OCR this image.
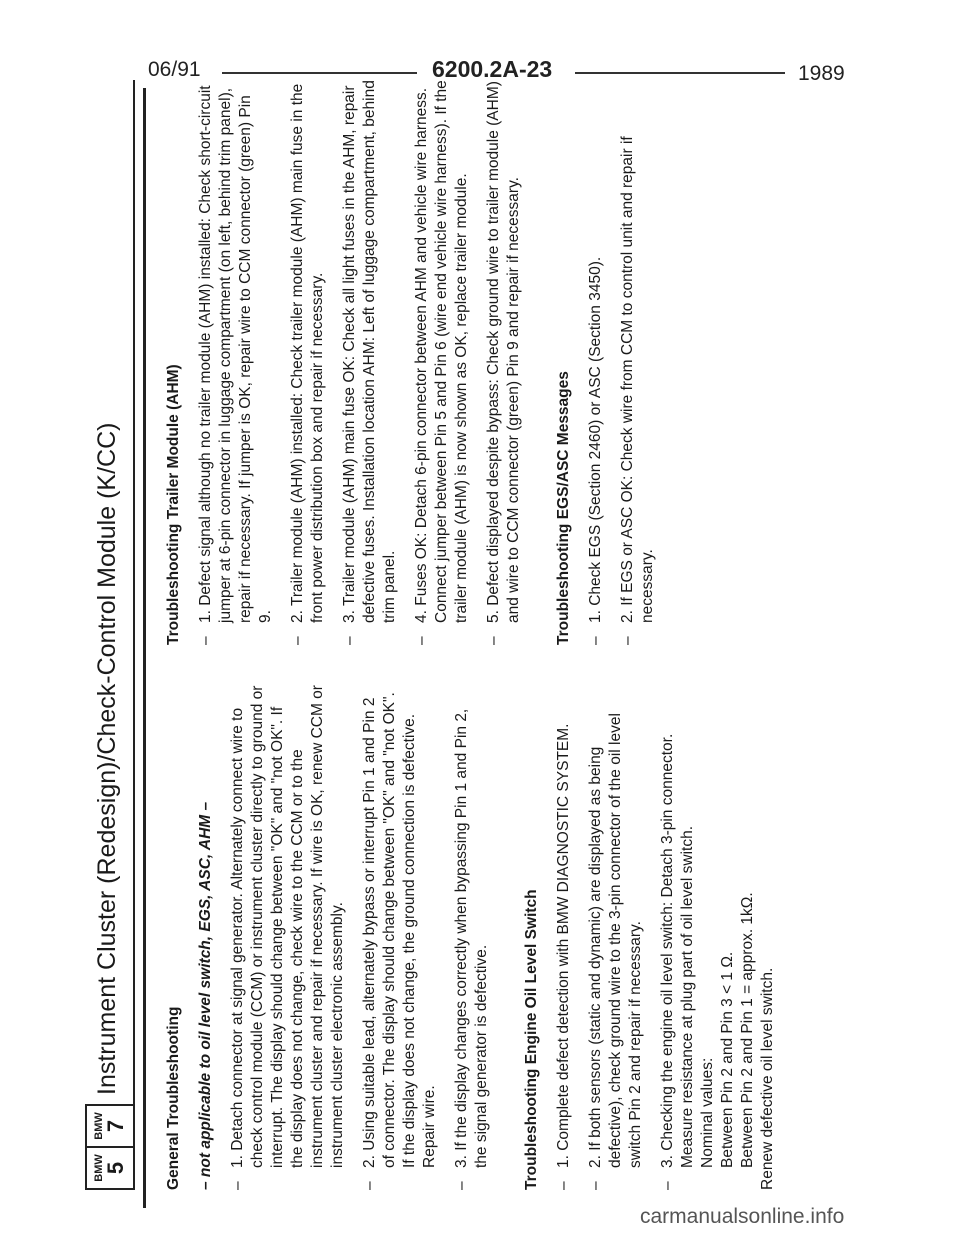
06/91	6200.2A-23	1989
BMW
5
BMW
7
Instrument Cluster (Redesign)/Check-Control Module (K/CC)
General Troubleshooting – not applicable to oil level switch, EGS, ASC, AHM – –
1. Detach connector at signal generator. Alternately connect wire to check control module (CCM) or instrument cluster directly to ground or interrupt. The display should change between "OK" and "not OK". If the display does not change, check wire to the CCM or to the instrument cluster and repair if necessary. If wire is OK, renew CCM or instrument cluster electronic assembly.
–
2. Using suitable lead, alternately bypass or interrupt Pin 1 and Pin 2 of connector. The display should change between "OK" and "not OK". If the display does not change, the ground connection is defective. Repair wire.
–
3. If the display changes correctly when bypassing Pin 1 and Pin 2, the signal generator is defective. Troubleshooting Engine Oil Level Switch –
1. Complete defect detection with BMW DIAGNOSTIC SYSTEM.
–
2. If both sensors (static and dynamic) are displayed as being defective), check ground wire to the 3-pin connector of the oil level switch Pin 2 and repair if necessary.
–

3. Checking the engine oil level switch: Detach 3-pin connector. Measure resistance at plug part of oil level switch. Nominal values: Between Pin 2 and Pin 3 < 1 Ω. Between Pin 2 and Pin 1 = approx. 1kΩ. Renew defective oil level switch.

Troubleshooting Trailer Module (AHM) –
1. Defect signal although no trailer module (AHM) installed: Check short-circuit jumper at 6-pin connector in luggage compartment (on left, behind trim panel), repair if necessary. If jumper is OK, repair wire to CCM connector (green) Pin 9.
–
2. Trailer module (AHM) installed: Check trailer module (AHM) main fuse in the front power distribution box and repair if necessary.
–
3. Trailer module (AHM) main fuse OK: Check all light fuses in the AHM, repair defective fuses. Installation location AHM: Left of luggage compartment, behind trim panel.
–
4. Fuses OK: Detach 6-pin connector between AHM and vehicle wire harness. Connect jumper between Pin 5 and Pin 6 (wire end vehicle wire harness). If the trailer module (AHM) is now shown as OK, replace trailer module.
–
5. Defect displayed despite bypass: Check ground wire to trailer module (AHM) and wire to CCM connector (green) Pin 9 and repair if necessary. Troubleshooting EGS/ASC Messages –
1. Check EGS (Section 2460) or ASC (Section 3450).
–
2. If EGS or ASC OK: Check wire from CCM to control unit and repair if necessary.
carmanualsonline.info
